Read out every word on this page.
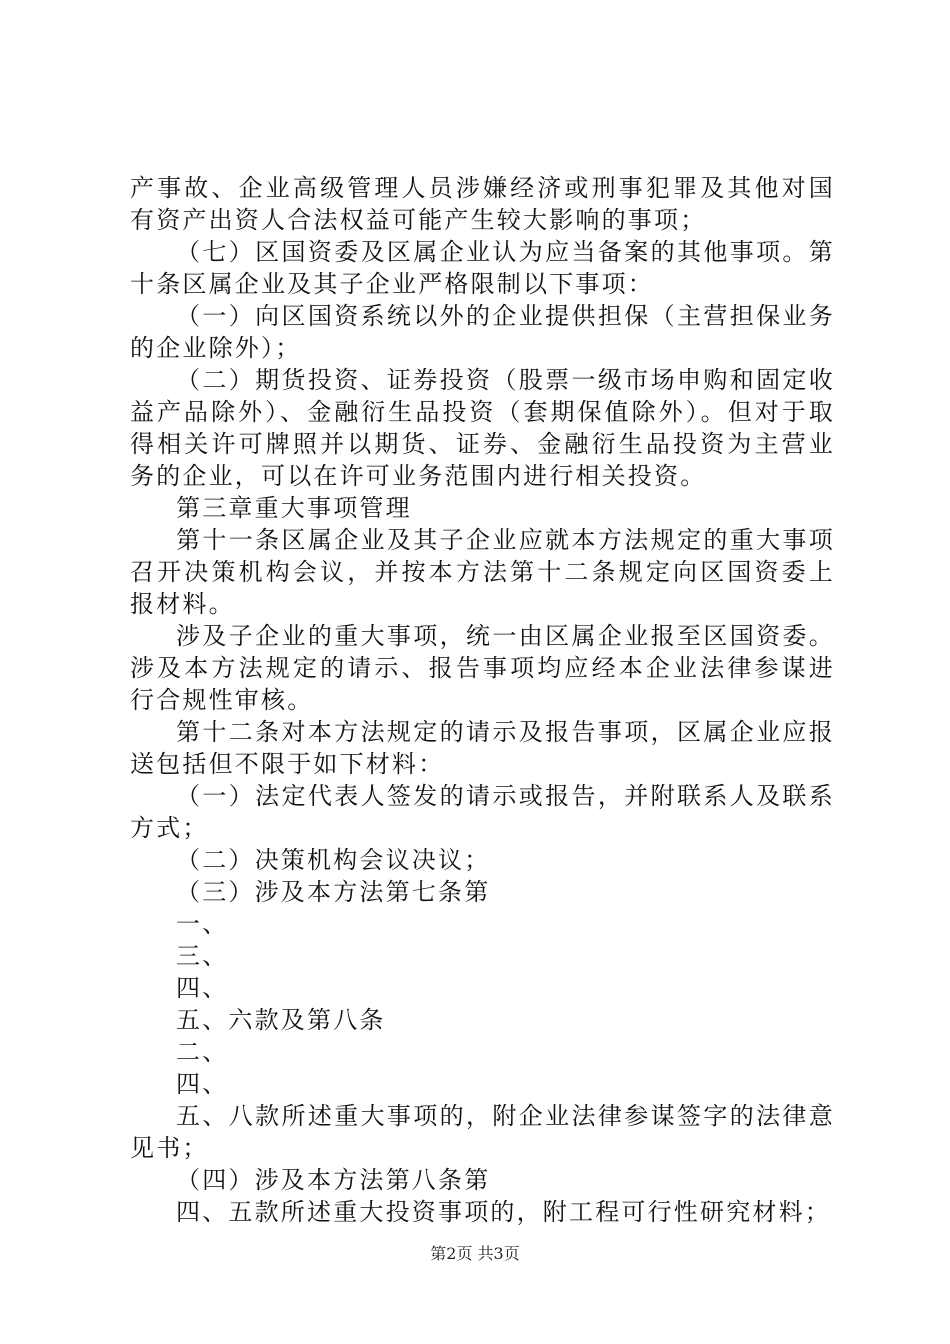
产事故、企业高级管理人员涉嫌经济或刑事犯罪及其他对国有资产出资人合法权益可能产生较大影响的事项；

（七）区国资委及区属企业认为应当备案的其他事项。第十条区属企业及其子企业严格限制以下事项：

（一）向区国资系统以外的企业提供担保（主营担保业务的企业除外）；

（二）期货投资、证券投资（股票一级市场申购和固定收益产品除外）、金融衍生品投资（套期保值除外）。但对于取得相关许可牌照并以期货、证券、金融衍生品投资为主营业务的企业，可以在许可业务范围内进行相关投资。

第三章重大事项管理

第十一条区属企业及其子企业应就本方法规定的重大事项召开决策机构会议，并按本方法第十二条规定向区国资委上报材料。

涉及子企业的重大事项，统一由区属企业报至区国资委。涉及本方法规定的请示、报告事项均应经本企业法律参谋进行合规性审核。

第十二条对本方法规定的请示及报告事项，区属企业应报送包括但不限于如下材料：

（一）法定代表人签发的请示或报告，并附联系人及联系方式；

（二）决策机构会议决议；

（三）涉及本方法第七条第

一、

三、

四、

五、六款及第八条

二、

四、

五、八款所述重大事项的，附企业法律参谋签字的法律意见书；

（四）涉及本方法第八条第

四、五款所述重大投资事项的，附工程可行性研究材料；

第2页 共3页
